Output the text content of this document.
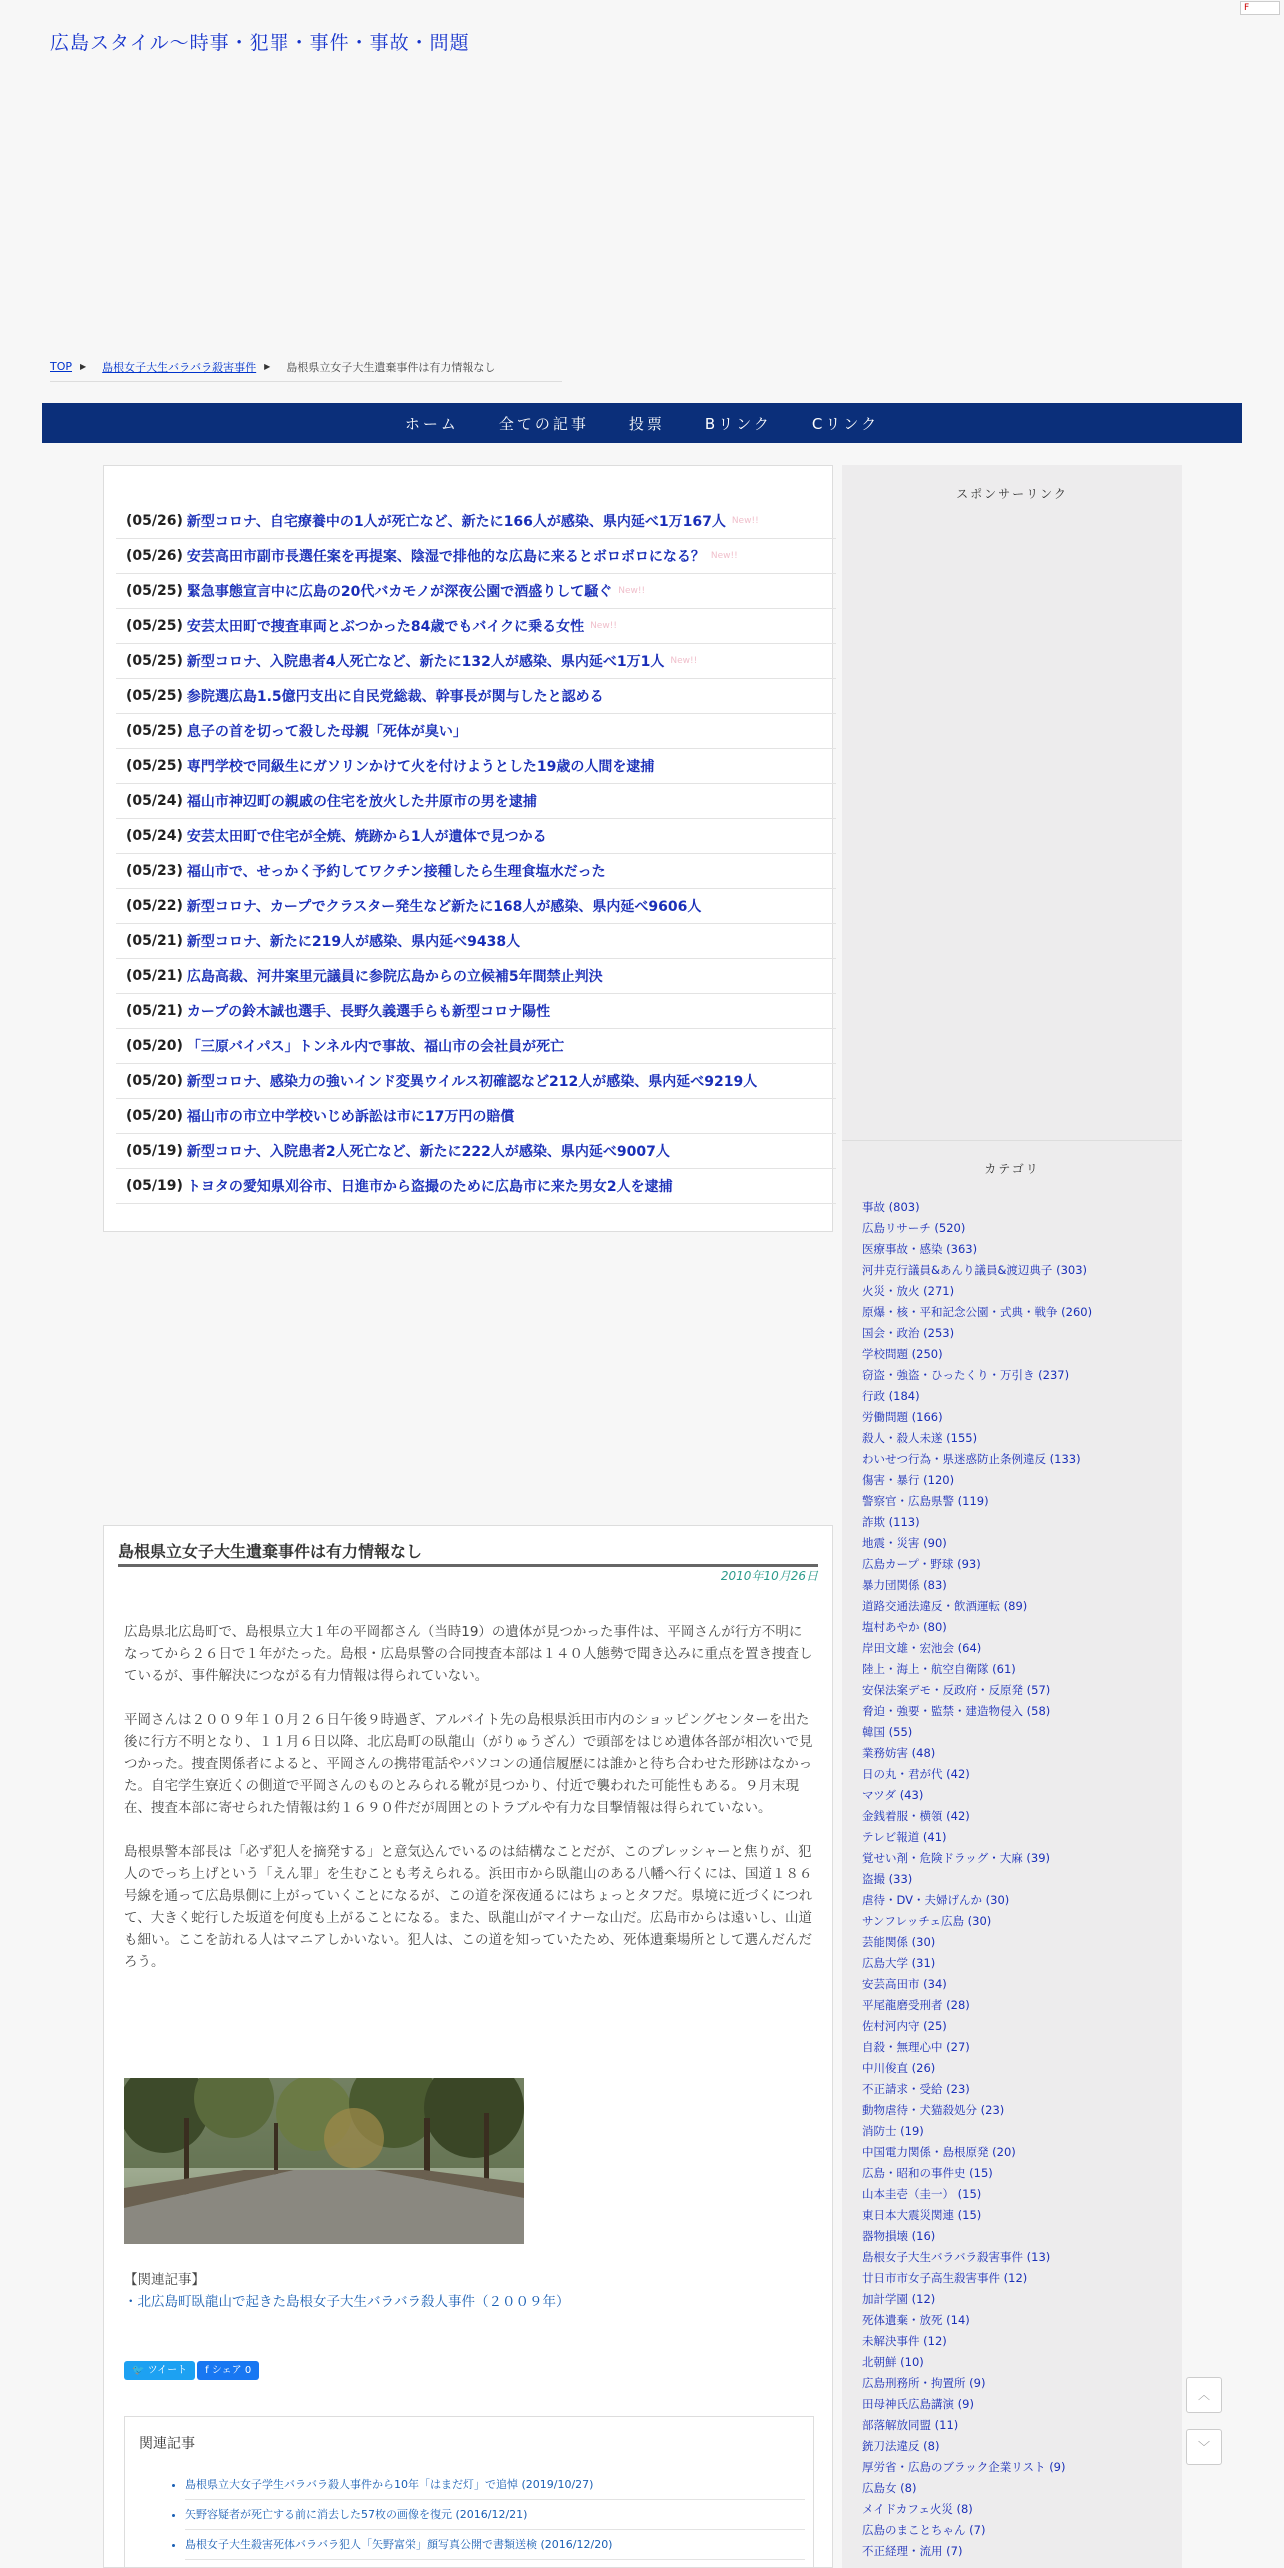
F
広島スタイル～時事・犯罪・事件・事故・問題
TOP ▶ 島根女子大生バラバラ殺害事件 ▶ 島根県立女子大生遺棄事件は有力情報なし
ホーム	全ての記事	投票	Bリンク	Cリンク
(05/26) 新型コロナ、自宅療養中の1人が死亡など、新たに166人が感染、県内延べ1万167人 New!!
(05/26) 安芸高田市副市長選任案を再提案、陰湿で排他的な広島に来るとボロボロになる？ New!!
(05/25) 緊急事態宣言中に広島の20代バカモノが深夜公園で酒盛りして騒ぐ New!!
(05/25) 安芸太田町で捜査車両とぶつかった84歳でもバイクに乗る女性 New!!
(05/25) 新型コロナ、入院患者4人死亡など、新たに132人が感染、県内延べ1万1人 New!!
(05/25) 参院選広島1.5億円支出に自民党総裁、幹事長が関与したと認める
(05/25) 息子の首を切って殺した母親「死体が臭い」
(05/25) 専門学校で同級生にガソリンかけて火を付けようとした19歳の人間を逮捕
(05/24) 福山市神辺町の親戚の住宅を放火した井原市の男を逮捕
(05/24) 安芸太田町で住宅が全焼、焼跡から1人が遺体で見つかる
(05/23) 福山市で、せっかく予約してワクチン接種したら生理食塩水だった
(05/22) 新型コロナ、カープでクラスター発生など新たに168人が感染、県内延べ9606人
(05/21) 新型コロナ、新たに219人が感染、県内延べ9438人
(05/21) 広島高裁、河井案里元議員に参院広島からの立候補5年間禁止判決
(05/21) カープの鈴木誠也選手、長野久義選手らも新型コロナ陽性
(05/20) 「三原バイパス」トンネル内で事故、福山市の会社員が死亡
(05/20) 新型コロナ、感染力の強いインド変異ウイルス初確認など212人が感染、県内延べ9219人
(05/20) 福山市の市立中学校いじめ訴訟は市に17万円の賠償
(05/19) 新型コロナ、入院患者2人死亡など、新たに222人が感染、県内延べ9007人
(05/19) トヨタの愛知県刈谷市、日進市から盗撮のために広島市に来た男女2人を逮捕
スポンサーリンク
カテゴリ
事故 (803)
広島リサーチ (520)
医療事故・感染 (363)
河井克行議員&あんり議員&渡辺典子 (303)
火災・放火 (271)
原爆・核・平和記念公園・式典・戦争 (260)
国会・政治 (253)
学校問題 (250)
窃盗・強盗・ひったくり・万引き (237)
行政 (184)
労働問題 (166)
殺人・殺人未遂 (155)
わいせつ行為・県迷惑防止条例違反 (133)
傷害・暴行 (120)
警察官・広島県警 (119)
詐欺 (113)
地震・災害 (90)
広島カープ・野球 (93)
暴力団関係 (83)
道路交通法違反・飲酒運転 (89)
塩村あやか (80)
岸田文雄・宏池会 (64)
陸上・海上・航空自衛隊 (61)
安保法案デモ・反政府・反原発 (57)
脅迫・強要・監禁・建造物侵入 (58)
韓国 (55)
業務妨害 (48)
日の丸・君が代 (42)
マツダ (43)
金銭着服・横領 (42)
テレビ報道 (41)
覚せい剤・危険ドラッグ・大麻 (39)
盗撮 (33)
虐待・DV・夫婦げんか (30)
サンフレッチェ広島 (30)
芸能関係 (30)
広島大学 (31)
安芸高田市 (34)
平尾龍磨受刑者 (28)
佐村河内守 (25)
自殺・無理心中 (27)
中川俊直 (26)
不正請求・受給 (23)
動物虐待・犬猫殺処分 (23)
消防士 (19)
中国電力関係・島根原発 (20)
広島・昭和の事件史 (15)
山本圭壱（圭一） (15)
東日本大震災関連 (15)
器物損壊 (16)
島根女子大生バラバラ殺害事件 (13)
廿日市市女子高生殺害事件 (12)
加計学園 (12)
死体遺棄・放死 (14)
未解決事件 (12)
北朝鮮 (10)
広島刑務所・拘置所 (9)
田母神氏広島講演 (9)
部落解放同盟 (11)
銃刀法違反 (8)
厚労省・広島のブラック企業リスト (9)
広島女 (8)
メイドカフェ火災 (8)
広島のまことちゃん (7)
不正経理・流用 (7)
島根県立女子大生遺棄事件は有力情報なし
2010年10月26日

広島県北広島町で、島根県立大１年の平岡都さん（当時19）の遺体が見つかった事件は、平岡さんが行方不明になってから２６日で１年がたった。島根・広島県警の合同捜査本部は１４０人態勢で聞き込みに重点を置き捜査しているが、事件解決につながる有力情報は得られていない。

平岡さんは２００９年１０月２６日午後９時過ぎ、アルバイト先の島根県浜田市内のショッピングセンターを出た後に行方不明となり、１１月６日以降、北広島町の臥龍山（がりゅうざん）で頭部をはじめ遺体各部が相次いで見つかった。捜査関係者によると、平岡さんの携帯電話やパソコンの通信履歴には誰かと待ち合わせた形跡はなかった。自宅学生寮近くの側道で平岡さんのものとみられる靴が見つかり、付近で襲われた可能性もある。９月末現在、捜査本部に寄せられた情報は約１６９０件だが周囲とのトラブルや有力な目撃情報は得られていない。

島根県警本部長は「必ず犯人を摘発する」と意気込んでいるのは結構なことだが、このプレッシャーと焦りが、犯人のでっち上げという「えん罪」を生むことも考えられる。浜田市から臥龍山のある八幡へ行くには、国道１８６号線を通って広島県側に上がっていくことになるが、この道を深夜通るにはちょっとタフだ。県境に近づくにつれて、大きく蛇行した坂道を何度も上がることになる。また、臥龍山がマイナーな山だ。広島市からは遠いし、山道も細い。ここを訪れる人はマニアしかいない。犯人は、この道を知っていたため、死体遺棄場所として選んだんだろう。

【関連記事】
・北広島町臥龍山で起きた島根女子大生バラバラ殺人事件（２００９年）
🐦 ツイート	f シェア 0
関連記事
• 島根県立大女子学生バラバラ殺人事件から10年「はまだ灯」で追悼 (2019/10/27)
• 矢野容疑者が死亡する前に消去した57枚の画像を復元 (2016/12/21)
• 島根女子大生殺害死体バラバラ犯人「矢野富栄」顔写真公開で書類送検 (2016/12/20)
︿
﹀
